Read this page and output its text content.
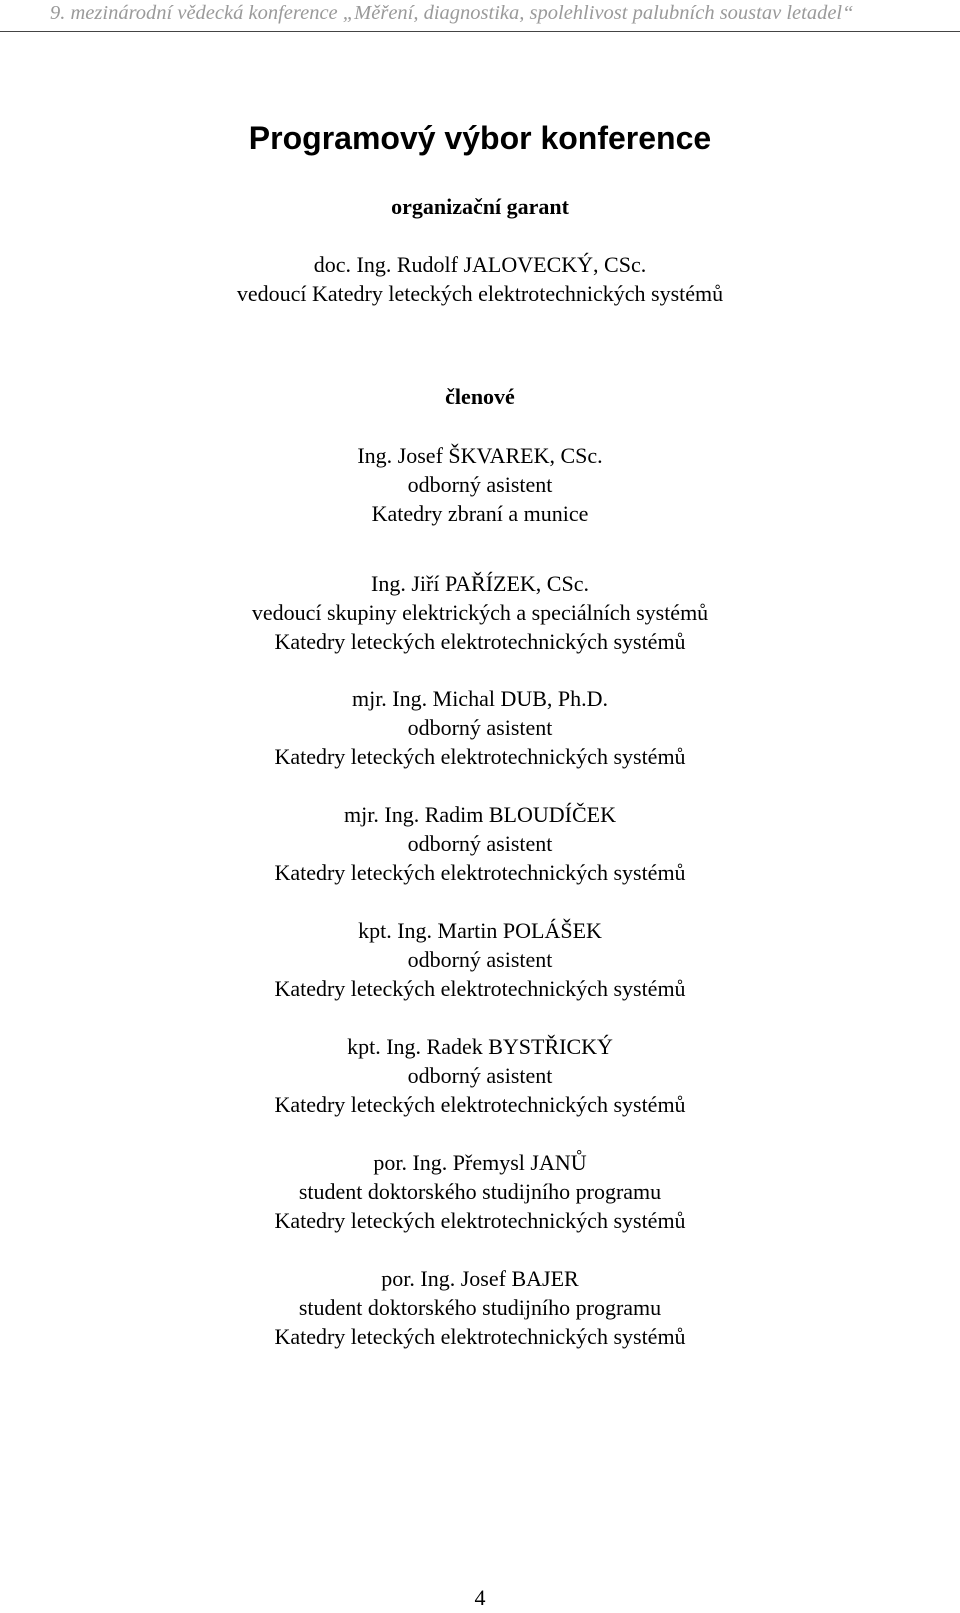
9. mezinárodní vědecká konference „Měření, diagnostika, spolehlivost palubních soustav letadel“
Programový výbor konference
organizační garant
doc. Ing. Rudolf JALOVECKÝ, CSc.
vedoucí Katedry leteckých elektrotechnických systémů
členové
Ing. Josef ŠKVAREK, CSc.
odborný asistent
Katedry zbraní a munice
Ing. Jiří PAŘÍZEK, CSc.
vedoucí skupiny elektrických a speciálních systémů
Katedry leteckých elektrotechnických systémů
mjr. Ing. Michal DUB, Ph.D.
odborný asistent
Katedry leteckých elektrotechnických systémů
mjr. Ing. Radim BLOUDÍČEK
odborný asistent
Katedry leteckých elektrotechnických systémů
kpt. Ing. Martin POLÁŠEK
odborný asistent
Katedry leteckých elektrotechnických systémů
kpt. Ing. Radek BYSTŘICKÝ
odborný asistent
Katedry leteckých elektrotechnických systémů
por. Ing. Přemysl JANŮ
student doktorského studijního programu
Katedry leteckých elektrotechnických systémů
por. Ing. Josef BAJER
student doktorského studijního programu
Katedry leteckých elektrotechnických systémů
4
